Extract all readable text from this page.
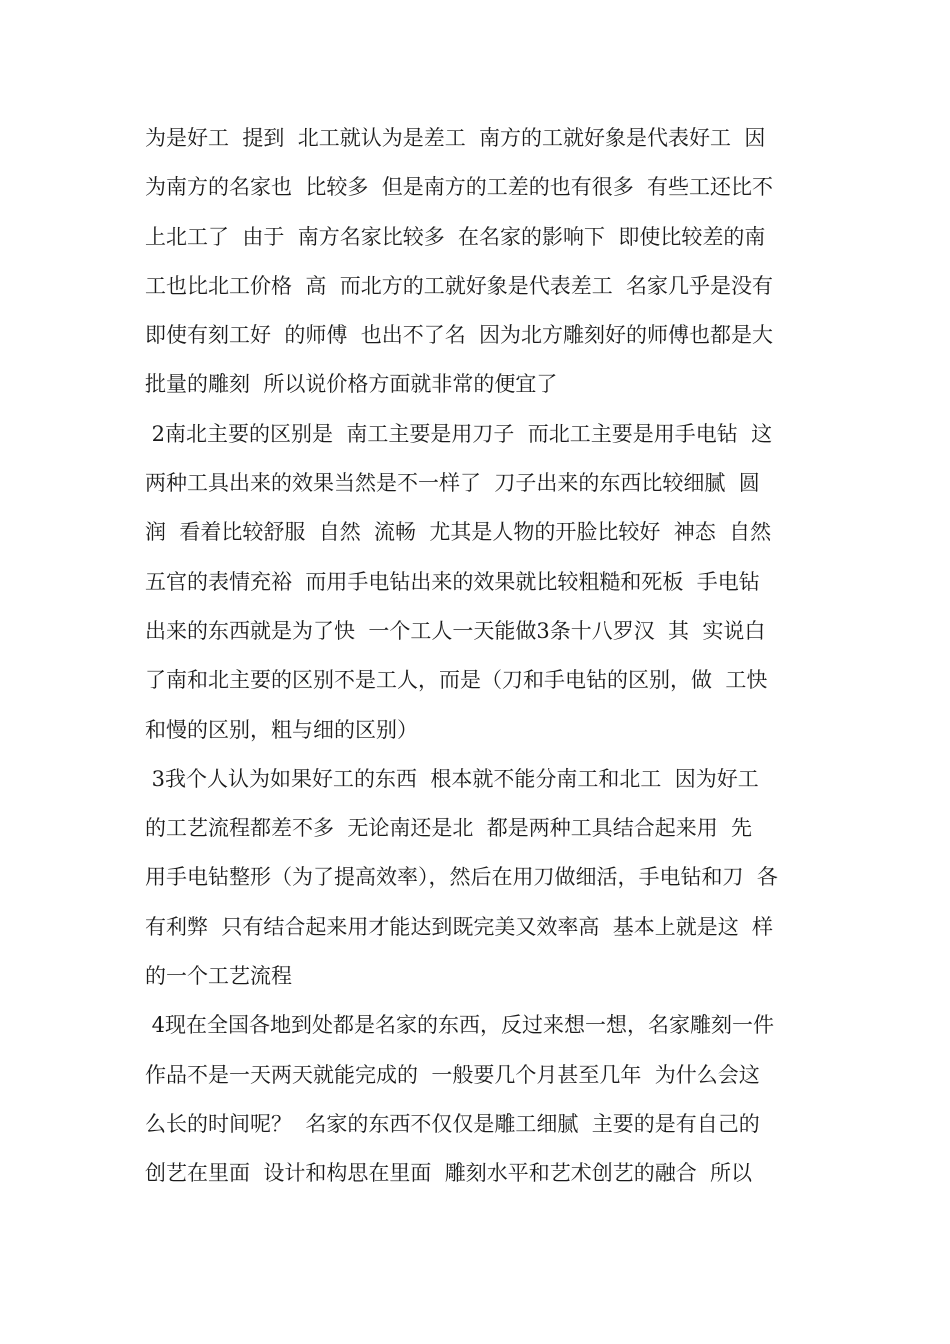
为是好工  提到  北工就认为是差工  南方的工就好象是代表好工  因
为南方的名家也  比较多  但是南方的工差的也有很多  有些工还比不
上北工了  由于  南方名家比较多  在名家的影响下  即使比较差的南
工也比北工价格  高  而北方的工就好象是代表差工  名家几乎是没有
即使有刻工好  的师傅  也出不了名  因为北方雕刻好的师傅也都是大
批量的雕刻  所以说价格方面就非常的便宜了
2南北主要的区别是  南工主要是用刀子  而北工主要是用手电钻  这
两种工具出来的效果当然是不一样了  刀子出来的东西比较细腻  圆
润  看着比较舒服  自然  流畅  尤其是人物的开脸比较好  神态  自然
五官的表情充裕  而用手电钻出来的效果就比较粗糙和死板  手电钻
出来的东西就是为了快  一个工人一天能做3条十八罗汉  其  实说白
了南和北主要的区别不是工人，而是（刀和手电钻的区别，做  工快
和慢的区别，粗与细的区别）
3我个人认为如果好工的东西  根本就不能分南工和北工  因为好工
的工艺流程都差不多  无论南还是北  都是两种工具结合起来用  先
用手电钻整形（为了提高效率），然后在用刀做细活，手电钻和刀  各
有利弊  只有结合起来用才能达到既完美又效率高  基本上就是这  样
的一个工艺流程
4现在全国各地到处都是名家的东西，反过来想一想，名家雕刻一件
作品不是一天两天就能完成的  一般要几个月甚至几年  为什么会这
么长的时间呢？  名家的东西不仅仅是雕工细腻  主要的是有自己的
创艺在里面  设计和构思在里面  雕刻水平和艺术创艺的融合  所以
